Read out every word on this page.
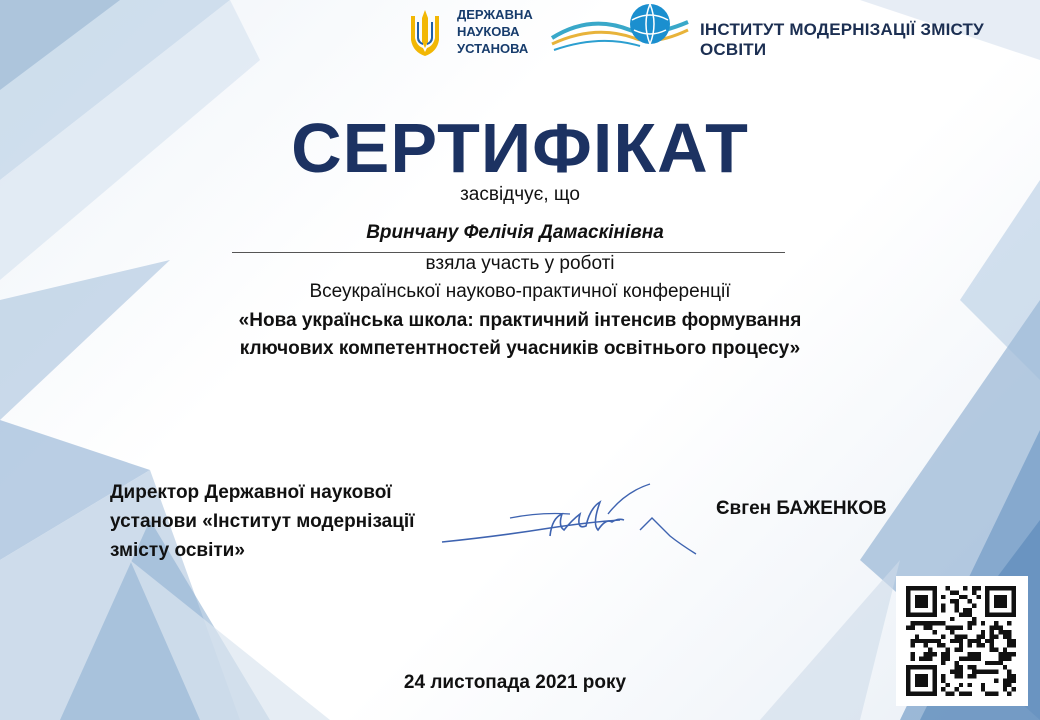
ДЕРЖАВНА
НАУКОВА
УСТАНОВА
ІНСТИТУТ МОДЕРНІЗАЦІЇ ЗМІСТУ ОСВІТИ
СЕРТИФІКАТ
засвідчує, що
Вринчану Фелічія Дамаскінівна
взяла участь у роботі
Всеукраїнської науково-практичної конференції
«Нова українська школа: практичний інтенсив формування
ключових компетентностей учасників освітнього процесу»
Директор Державної наукової
установи «Інститут модернізації
змісту освіти»
Євген БАЖЕНКОВ
24 листопада 2021 року
